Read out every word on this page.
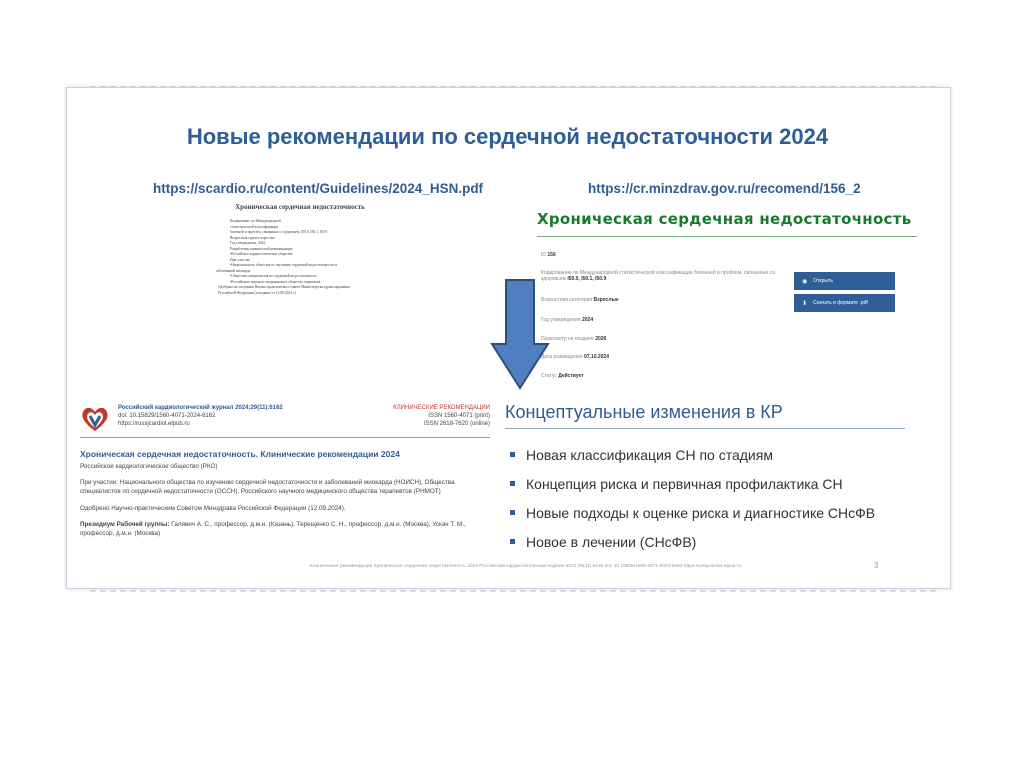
Новые рекомендации по сердечной недостаточности 2024
https://scardio.ru/content/Guidelines/2024_HSN.pdf	https://cr.minzdrav.gov.ru/recomend/156_2
Хроническая сердечная недостаточность
Кодирование по Международной
статистической классификации
болезней и проблем, связанных со здоровьем: I50.0, I50.1, I50.9
Возрастная группа: взрослые
Год утверждения: 2024
Разработчик клинической рекомендации:
•Российское кардиологическое общество
При участии:
•Национального общества по изучению сердечной недостаточности и
заболеваний миокарда
•Общества специалистов по сердечной недостаточности
•Российского научного медицинского общества терапевтов
Одобрено на заседании Научно-практического совета Министерства здравоохранения
Российской Федерации (заседание от 12.09.2024 г.)
Российский кардиологический журнал 2024;29(11):6162
doi: 10.15829/1560-4071-2024-6162
https://russjcardiol.elpub.ru
КЛИНИЧЕСКИЕ РЕКОМЕНДАЦИИ
ISSN 1560-4071 (print)
ISSN 2618-7620 (online)
Хроническая сердечная недостаточность. Клинические рекомендации 2024
Российское кардиологическое общество (РКО)
При участии: Национального общества по изучению сердечной недостаточности и заболеваний миокарда (НОИСН), Общества специалистов по сердечной недостаточности (ОССН), Российского научного медицинского общества терапевтов (РНМОТ)
Одобрено Научно-практическим Советом Минздрава Российской Федерации (12.09.2024).
Президиум Рабочей группы: Галявич А. С., профессор, д.м.н. (Казань), Терещенко С. Н., профессор, д.м.н. (Москва), Ускач Т. М., профессор, д.м.н. (Москва)
Хроническая сердечная недостаточность
ID 156
Кодирование по Международной статистической классификации болезней и проблем, связанных со здоровьем I50.0, I50.1, I50.9
Возрастная категория Взрослые
Год утверждения 2024
Пересмотр не позднее 2026
Дата размещения 07.10.2024
Статус Действует
◉ Открыть
⬇ Скачать в формате .pdf
Концептуальные изменения в КР
Новая классификация СН по стадиям
Концепция риска и первичная профилактика СН
Новые подходы к оценке риска и диагностике СНсФВ
Новое в лечении (СНсФВ)
Клинические рекомендации Хроническая сердечная недостаточность 2024 Российский кардиологический журнал 2024;29(11):6162 doi: 10.15829/1560-4071-2024-6162 https://russjcardiol.elpub.ru	3
